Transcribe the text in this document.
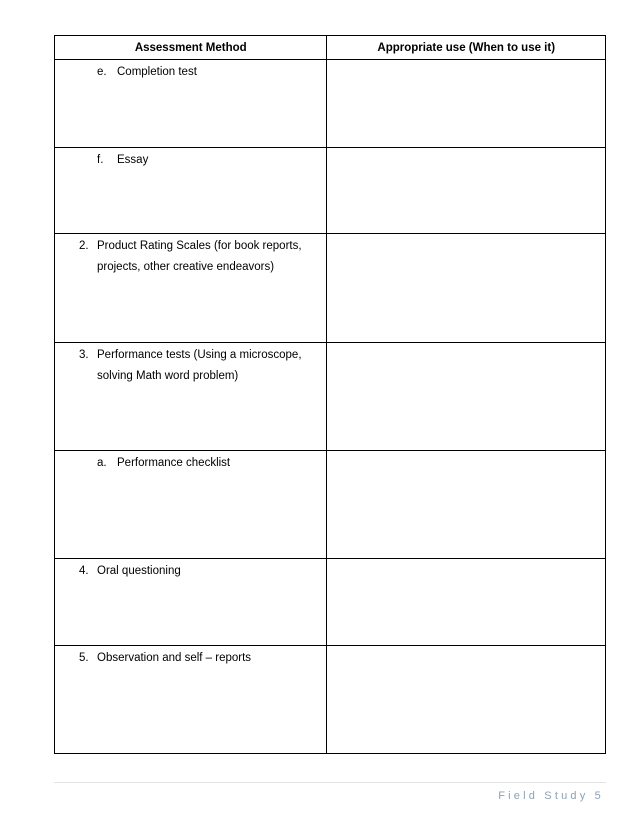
Assessment Method	Appropriate use (When to use it)

e. Completion test	

f. Essay	

2. Product Rating Scales (for book reports, projects, other creative endeavors)	

3. Performance tests (Using a microscope, solving Math word problem)	

a. Performance checklist	

4. Oral questioning	

5. Observation and self – reports	

Field Study 5
